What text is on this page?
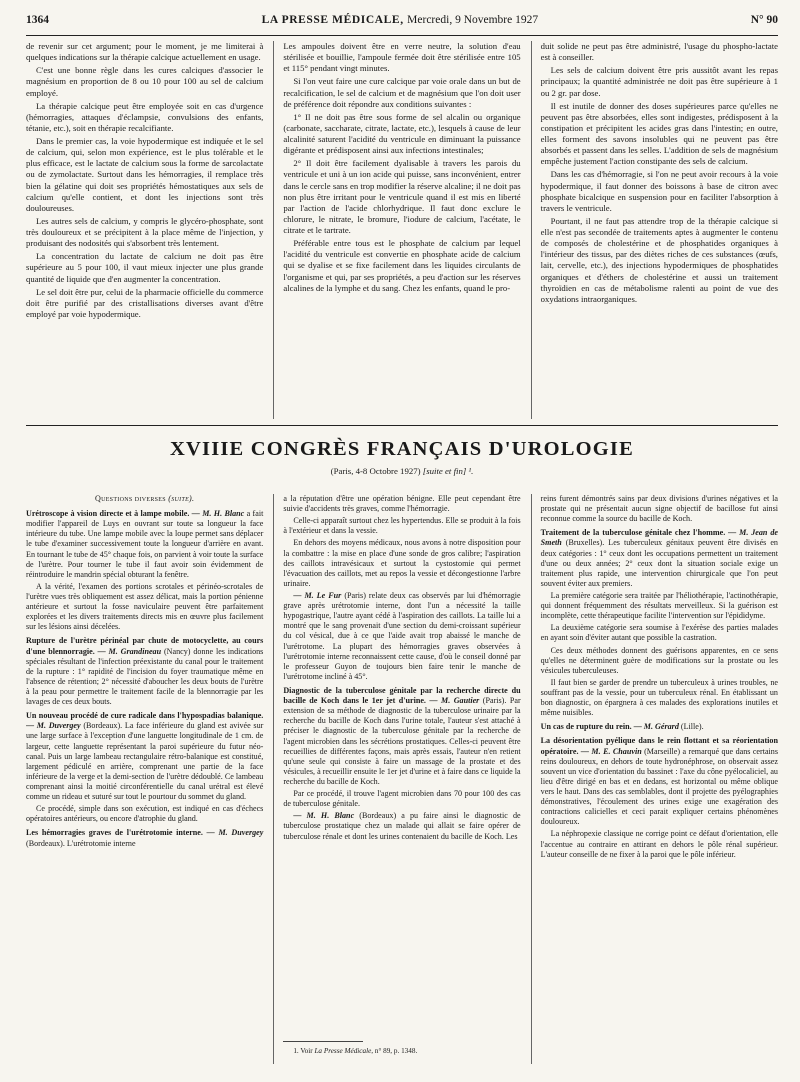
1364	LA PRESSE MÉDICALE, Mercredi, 9 Novembre 1927	N° 90

de revenir sur cet argument; pour le moment, je me limiterai à quelques indications sur la thérapie calcique actuellement en usage.

C'est une bonne règle dans les cures calciques d'associer le magnésium en proportion de 8 ou 10 pour 100 au sel de calcium employé.

La thérapie calcique peut être employée soit en cas d'urgence (hémorragies, attaques d'éclampsie, convulsions des enfants, tétanie, etc.), soit en thérapie recalcifiante.

Dans le premier cas, la voie hypodermique est indiquée et le sel de calcium, qui, selon mon expérience, est le plus tolérable et le plus efficace, est le lactate de calcium sous la forme de sarcolactate ou de zymolactate. Surtout dans les hémorragies, il remplace très bien la gélatine qui doit ses propriétés hémostatiques aux sels de calcium qu'elle contient, et dont les injections sont très douloureuses.

Les autres sels de calcium, y compris le glycéro-phosphate, sont très douloureux et se précipitent à la place même de l'injection, y produisant des nodosités qui s'absorbent très lentement.

La concentration du lactate de calcium ne doit pas être supérieure au 5 pour 100, il vaut mieux injecter une plus grande quantité de liquide que d'en augmenter la concentration.

Le sel doit être pur, celui de la pharmacie officielle du commerce doit être purifié par des cristallisations diverses avant d'être employé par voie hypodermique.

Les ampoules doivent être en verre neutre, la solution d'eau stérilisée et bouillie, l'ampoule fermée doit être stérilisée entre 105 et 115° pendant vingt minutes.

Si l'on veut faire une cure calcique par voie orale dans un but de recalcification, le sel de calcium et de magnésium que l'on doit user de préférence doit répondre aux conditions suivantes :

1° Il ne doit pas être sous forme de sel alcalin ou organique (carbonate, saccharate, citrate, lactate, etc.), lesquels à cause de leur alcalinité saturent l'acidité du ventricule en diminuant la puissance digérante et prédisposent ainsi aux infections intestinales;

2° Il doit être facilement dyalisable à travers les parois du ventricule et uni à un ion acide qui puisse, sans inconvénient, entrer dans le cercle sans en trop modifier la réserve alcaline; il ne doit pas non plus être irritant pour le ventricule quand il est mis en liberté par l'action de l'acide chlorhydrique. Il faut donc exclure le chlorure, le nitrate, le bromure, l'iodure de calcium, l'acétate, le citrate et le tartrate.

Préférable entre tous est le phosphate de calcium par lequel l'acidité du ventricule est convertie en phosphate acide de calcium qui se dyalise et se fixe facilement dans les liquides circulants de l'organisme et qui, par ses propriétés, a peu d'action sur les réserves alcalines de la lymphe et du sang. Chez les enfants, quand le pro-

duit solide ne peut pas être administré, l'usage du phospho-lactate est à conseiller.

Les sels de calcium doivent être pris aussitôt avant les repas principaux; la quantité administrée ne doit pas être supérieure à 1 ou 2 gr. par dose.

Il est inutile de donner des doses supérieures parce qu'elles ne peuvent pas être absorbées, elles sont indigestes, prédisposent à la constipation et précipitent les acides gras dans l'intestin; en outre, elles forment des savons insolubles qui ne peuvent pas être absorbés et passent dans les selles. L'addition de sels de magnésium empêche justement l'action constipante des sels de calcium.

Dans les cas d'hémorragie, si l'on ne peut avoir recours à la voie hypodermique, il faut donner des boissons à base de citron avec phosphate bicalcique en suspension pour en faciliter l'absorption à travers le ventricule.

Pourtant, il ne faut pas attendre trop de la thérapie calcique si elle n'est pas secondée de traitements aptes à augmenter le contenu de composés de cholestérine et de phosphatides organiques à l'intérieur des tissus, par des diètes riches de ces substances (œufs, lait, cervelle, etc.), des injections hypodermiques de phosphatides organiques et d'éthers de cholestérine et aussi un traitement thyroïdien en cas de métabolisme ralenti au point de vue des oxydations intraorganiques.

XVIIIE CONGRÈS FRANÇAIS D'UROLOGIE
(Paris, 4-8 Octobre 1927) [suite et fin] ¹.

Questions diverses (suite).

Urétroscope à vision directe et à lampe mobile. — M. H. Blanc a fait modifier l'appareil de Luys en ouvrant sur toute sa longueur la face intérieure du tube. Une lampe mobile avec la loupe permet sans déplacer le tube d'examiner successivement toute la longueur d'arrière en avant. En tournant le tube de 45° chaque fois, on parvient à voir toute la surface de l'urètre. Pour tourner le tube il faut avoir soin évidemment de réintroduire le mandrin spécial obturant la fenêtre.

A la vérité, l'examen des portions scrotales et périnéo-scrotales de l'urètre vues très obliquement est assez délicat, mais la portion pénienne antérieure et surtout la fosse naviculaire peuvent être parfaitement explorées et les divers traitements directs mis en œuvre plus facilement sur les lésions ainsi décelées.

Rupture de l'urètre périnéal par chute de motocyclette, au cours d'une blennorragie. — M. Grandineau (Nancy) donne les indications spéciales résultant de l'infection préexistante du canal pour le traitement de la rupture : 1° rapidité de l'incision du foyer traumatique même en l'absence de rétention; 2° nécessité d'aboucher les deux bouts de l'urètre à la peau pour permettre le traitement facile de la blennorragie par les lavages de ces deux bouts.

Un nouveau procédé de cure radicale dans l'hypospadias balanique. — M. Duvergey (Bordeaux). La face inférieure du gland est avivée sur une large surface à l'exception d'une languette longitudinale de 1 cm. de largeur, cette languette représentant la paroi supérieure du futur néo-canal. Puis un large lambeau rectangulaire rétro-balanique est constitué, largement pédiculé en arrière, comprenant une partie de la face inférieure de la verge et la demi-section de l'urètre dédoublé. Ce lambeau comprenant ainsi la moitié circonférentielle du canal urétral est élevé comme un rideau et suturé sur tout le pourtour du sommet du gland.

Ce procédé, simple dans son exécution, est indiqué en cas d'échecs opératoires antérieurs, ou encore d'atrophie du gland.

Les hémorragies graves de l'urétrotomie interne. — M. Duvergey (Bordeaux). L'urétrotomie interne

a la réputation d'être une opération bénigne. Elle peut cependant être suivie d'accidents très graves, comme l'hémorragie.

Celle-ci apparaît surtout chez les hypertendus. Elle se produit à la fois à l'extérieur et dans la vessie.

En dehors des moyens médicaux, nous avons à notre disposition pour la combattre : la mise en place d'une sonde de gros calibre; l'aspiration des caillots intravésicaux et surtout la cystostomie qui permet l'évacuation des caillots, met au repos la vessie et décongestionne l'arbre urinaire.

— M. Le Fur (Paris) relate deux cas observés par lui d'hémorragie grave après urétrotomie interne, dont l'un a nécessité la taille hypogastrique, l'autre ayant cédé à l'aspiration des caillots. La taille lui a montré que le sang provenait d'une section du demi-croissant supérieur du col vésical, due à ce que l'aide avait trop abaissé le manche de l'urétrotome. La plupart des hémorragies graves observées à l'urétrotomie interne reconnaissent cette cause, d'où le conseil donné par le professeur Guyon de toujours bien faire tenir le manche de l'urétrotome incliné à 45°.

Diagnostic de la tuberculose génitale par la recherche directe du bacille de Koch dans le 1er jet d'urine. — M. Gautier (Paris). Par extension de sa méthode de diagnostic de la tuberculose urinaire par la recherche du bacille de Koch dans l'urine totale, l'auteur s'est attaché à préciser le diagnostic de la tuberculose génitale par la recherche de l'agent microbien dans les sécrétions prostatiques. Celles-ci peuvent être recueillies de différentes façons, mais après essais, l'auteur n'en retient qu'une seule qui consiste à faire un massage de la prostate et des vésicules, à recueillir ensuite le 1er jet d'urine et à faire dans ce liquide la recherche du bacille de Koch.

Par ce procédé, il trouve l'agent microbien dans 70 pour 100 des cas de tuberculose génitale.

— M. H. Blanc (Bordeaux) a pu faire ainsi le diagnostic de tuberculose prostatique chez un malade qui allait se faire opérer de tuberculose rénale et dont les urines contenaient du bacille de Koch. Les

1. Voir La Presse Médicale, n° 89, p. 1348.

reins furent démontrés sains par deux divisions d'urines négatives et la prostate qui ne présentait aucun signe objectif de bacillose fut ainsi reconnue comme la source du bacille de Koch.

Traitement de la tuberculose génitale chez l'homme. — M. Jean de Smeth (Bruxelles). Les tuberculeux génitaux peuvent être divisés en deux catégories : 1° ceux dont les occupations permettent un traitement d'une ou deux années; 2° ceux dont la situation sociale exige un traitement plus rapide, une intervention chirurgicale que l'on peut souvent éviter aux premiers.

La première catégorie sera traitée par l'héliothérapie, l'actinothérapie, qui donnent fréquemment des résultats merveilleux. Si la guérison est incomplète, cette thérapeutique facilite l'intervention sur l'épididyme.

La deuxième catégorie sera soumise à l'exérèse des parties malades en ayant soin d'éviter autant que possible la castration.

Ces deux méthodes donnent des guérisons apparentes, en ce sens qu'elles ne déterminent guère de modifications sur la prostate ou les vésicules tuberculeuses.

Il faut bien se garder de prendre un tuberculeux à urines troubles, ne souffrant pas de la vessie, pour un tuberculeux rénal. En établissant un bon diagnostic, on épargnera à ces malades des explorations inutiles et même nuisibles.

Un cas de rupture du rein. — M. Gérard (Lille).

La désorientation pyélique dans le rein flottant et sa réorientation opératoire. — M. E. Chauvin (Marseille) a remarqué que dans certains reins douloureux, en dehors de toute hydronéphrose, on observait assez souvent un vice d'orientation du bassinet : l'axe du cône pyélocaliciel, au lieu d'être dirigé en bas et en dedans, est horizontal ou même oblique vers le haut. Dans des cas semblables, dont il projette des pyélographies démonstratives, l'écoulement des urines exige une exagération des contractions calicielles et ceci parait expliquer certains phénomènes douloureux.

La néphropexie classique ne corrige point ce défaut d'orientation, elle l'accentue au contraire en attirant en dehors le pôle rénal supérieur. L'auteur conseille de ne fixer à la paroi que le pôle inférieur.
